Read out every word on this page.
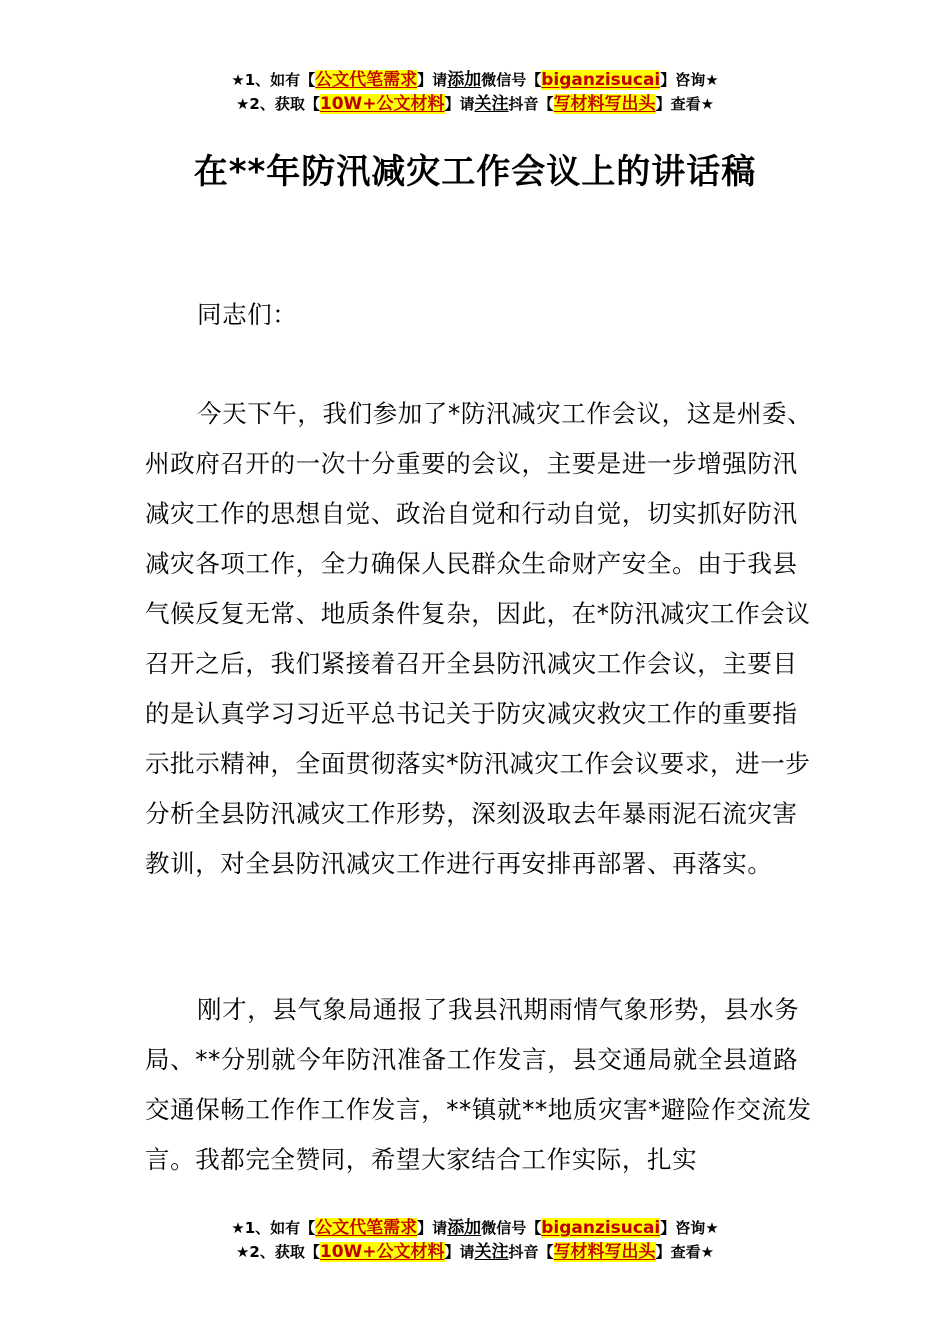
★1、如有【公文代笔需求】请添加微信号【biganzisucai】咨询★
★2、获取【10W+公文材料】请关注抖音【写材料写出头】查看★
在**年防汛减灾工作会议上的讲话稿

同志们：

今天下午，我们参加了*防汛减灾工作会议，这是州委、州政府召开的一次十分重要的会议，主要是进一步增强防汛减灾工作的思想自觉、政治自觉和行动自觉，切实抓好防汛减灾各项工作，全力确保人民群众生命财产安全。由于我县气候反复无常、地质条件复杂，因此，在*防汛减灾工作会议召开之后，我们紧接着召开全县防汛减灾工作会议，主要目的是认真学习习近平总书记关于防灾减灾救灾工作的重要指示批示精神，全面贯彻落实*防汛减灾工作会议要求，进一步分析全县防汛减灾工作形势，深刻汲取去年暴雨泥石流灾害教训，对全县防汛减灾工作进行再安排再部署、再落实。

刚才，县气象局通报了我县汛期雨情气象形势，县水务局、**分别就今年防汛准备工作发言，县交通局就全县道路交通保畅工作作工作发言，**镇就**地质灾害*避险作交流发言。我都完全赞同，希望大家结合工作实际，扎实

★1、如有【公文代笔需求】请添加微信号【biganzisucai】咨询★
★2、获取【10W+公文材料】请关注抖音【写材料写出头】查看★
